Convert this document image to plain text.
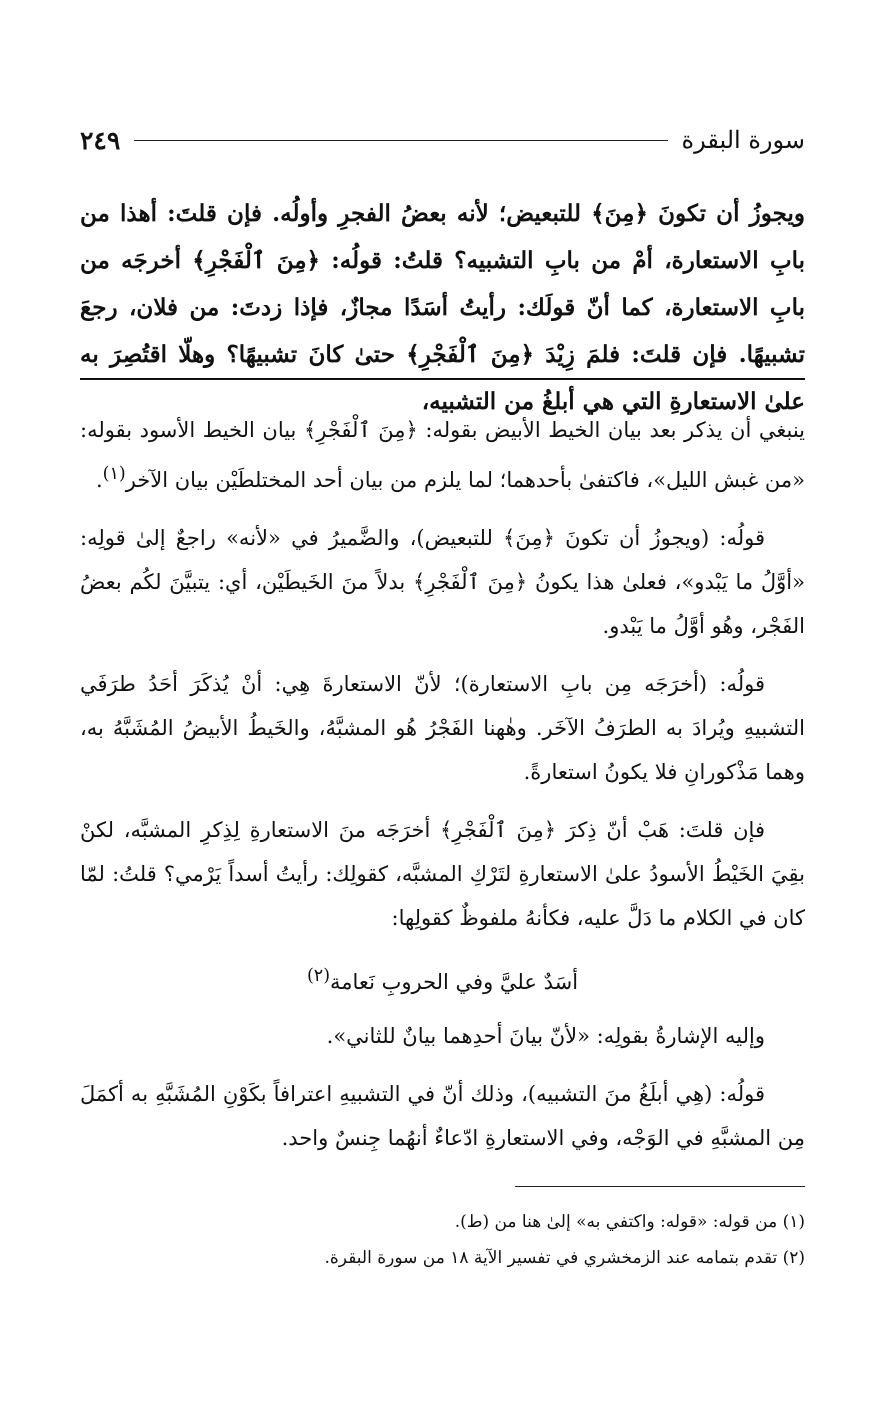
سورة البقرة
٢٤٩

ويجوزُ أن تكونَ ﴿مِنَ﴾ للتبعيض؛ لأنه بعضُ الفجرِ وأولُه. فإن قلتَ: أهذا من بابِ الاستعارة، أمْ من بابِ التشبيه؟ قلتُ: قولُه: ﴿مِنَ ٱلْفَجْرِ﴾ أخرجَه من بابِ الاستعارة، كما أنّ قولَك: رأيتُ أسَدًا مجازٌ، فإذا زدتَ: من فلان، رجعَ تشبيهًا. فإن قلتَ: فلمَ زِيْدَ ﴿مِنَ ٱلْفَجْرِ﴾ حتىٰ كانَ تشبيهًا؟ وهلّا اقتُصِرَ به علىٰ الاستعارةِ التي هي أبلغُ من التشبيه،

ينبغي أن يذكر بعد بيان الخيط الأبيض بقوله: ﴿مِنَ ٱلْفَجْرِ﴾ بيان الخيط الأسود بقوله: «من غبش الليل»، فاكتفىٰ بأحدهما؛ لما يلزم من بيان أحد المختلطَيْن بيان الآخر$^{(١)}$.

قولُه: (ويجوزُ أن تكونَ ﴿مِنَ﴾ للتبعيض)، والضَّميرُ في «لأنه» راجعٌ إلىٰ قولِه: «أوَّلُ ما يَبْدو»، فعلىٰ هذا يكونُ ﴿مِنَ ٱلْفَجْرِ﴾ بدلاً منَ الخَيطَيْن، أي: يتبيَّنَ لكُم بعضُ الفَجْر، وهُو أوَّلُ ما يَبْدو.

قولُه: (أخرَجَه مِن بابِ الاستعارة)؛ لأنّ الاستعارةَ هِي: أنْ يُذكَرَ أحَدُ طرَفَي التشبيهِ ويُرادَ به الطرَفُ الآخَر. وهٰهنا الفَجْرُ هُو المشبَّهُ، والخَيطُ الأبيضُ المُشَبَّهُ به، وهما مَذْكورانِ فلا يكونُ استعارةً.

فإن قلتَ: هَبْ أنّ ذِكرَ ﴿مِنَ ٱلْفَجْرِ﴾ أخرَجَه منَ الاستعارةِ لِذِكرِ المشبَّه، لكنْ بقِيَ الخَيْطُ الأسودُ علىٰ الاستعارةِ لتَرْكِ المشبَّه، كقولِك: رأيتُ أسداً يَرْمي؟ قلتُ: لمّا كان في الكلام ما دَلَّ عليه، فكأنهُ ملفوظٌ كقولِها:

أسَدٌ عليَّ وفي الحروبِ نَعامة$^{(٢)}$

وإليه الإشارةُ بقولِه: «لأنّ بيانَ أحدِهما بيانٌ للثاني».

قولُه: (هِي أبلَغُ منَ التشبيه)، وذلك أنّ في التشبيهِ اعترافاً بكَوْنِ المُشَبَّهِ به أكمَلَ مِن المشبَّهِ في الوَجْه، وفي الاستعارةِ ادّعاءٌ أنهُما جِنسٌ واحد.

(١) من قوله: «قوله: واكتفي به» إلىٰ هنا من (ط).

(٢) تقدم بتمامه عند الزمخشري في تفسير الآية ١٨ من سورة البقرة.
